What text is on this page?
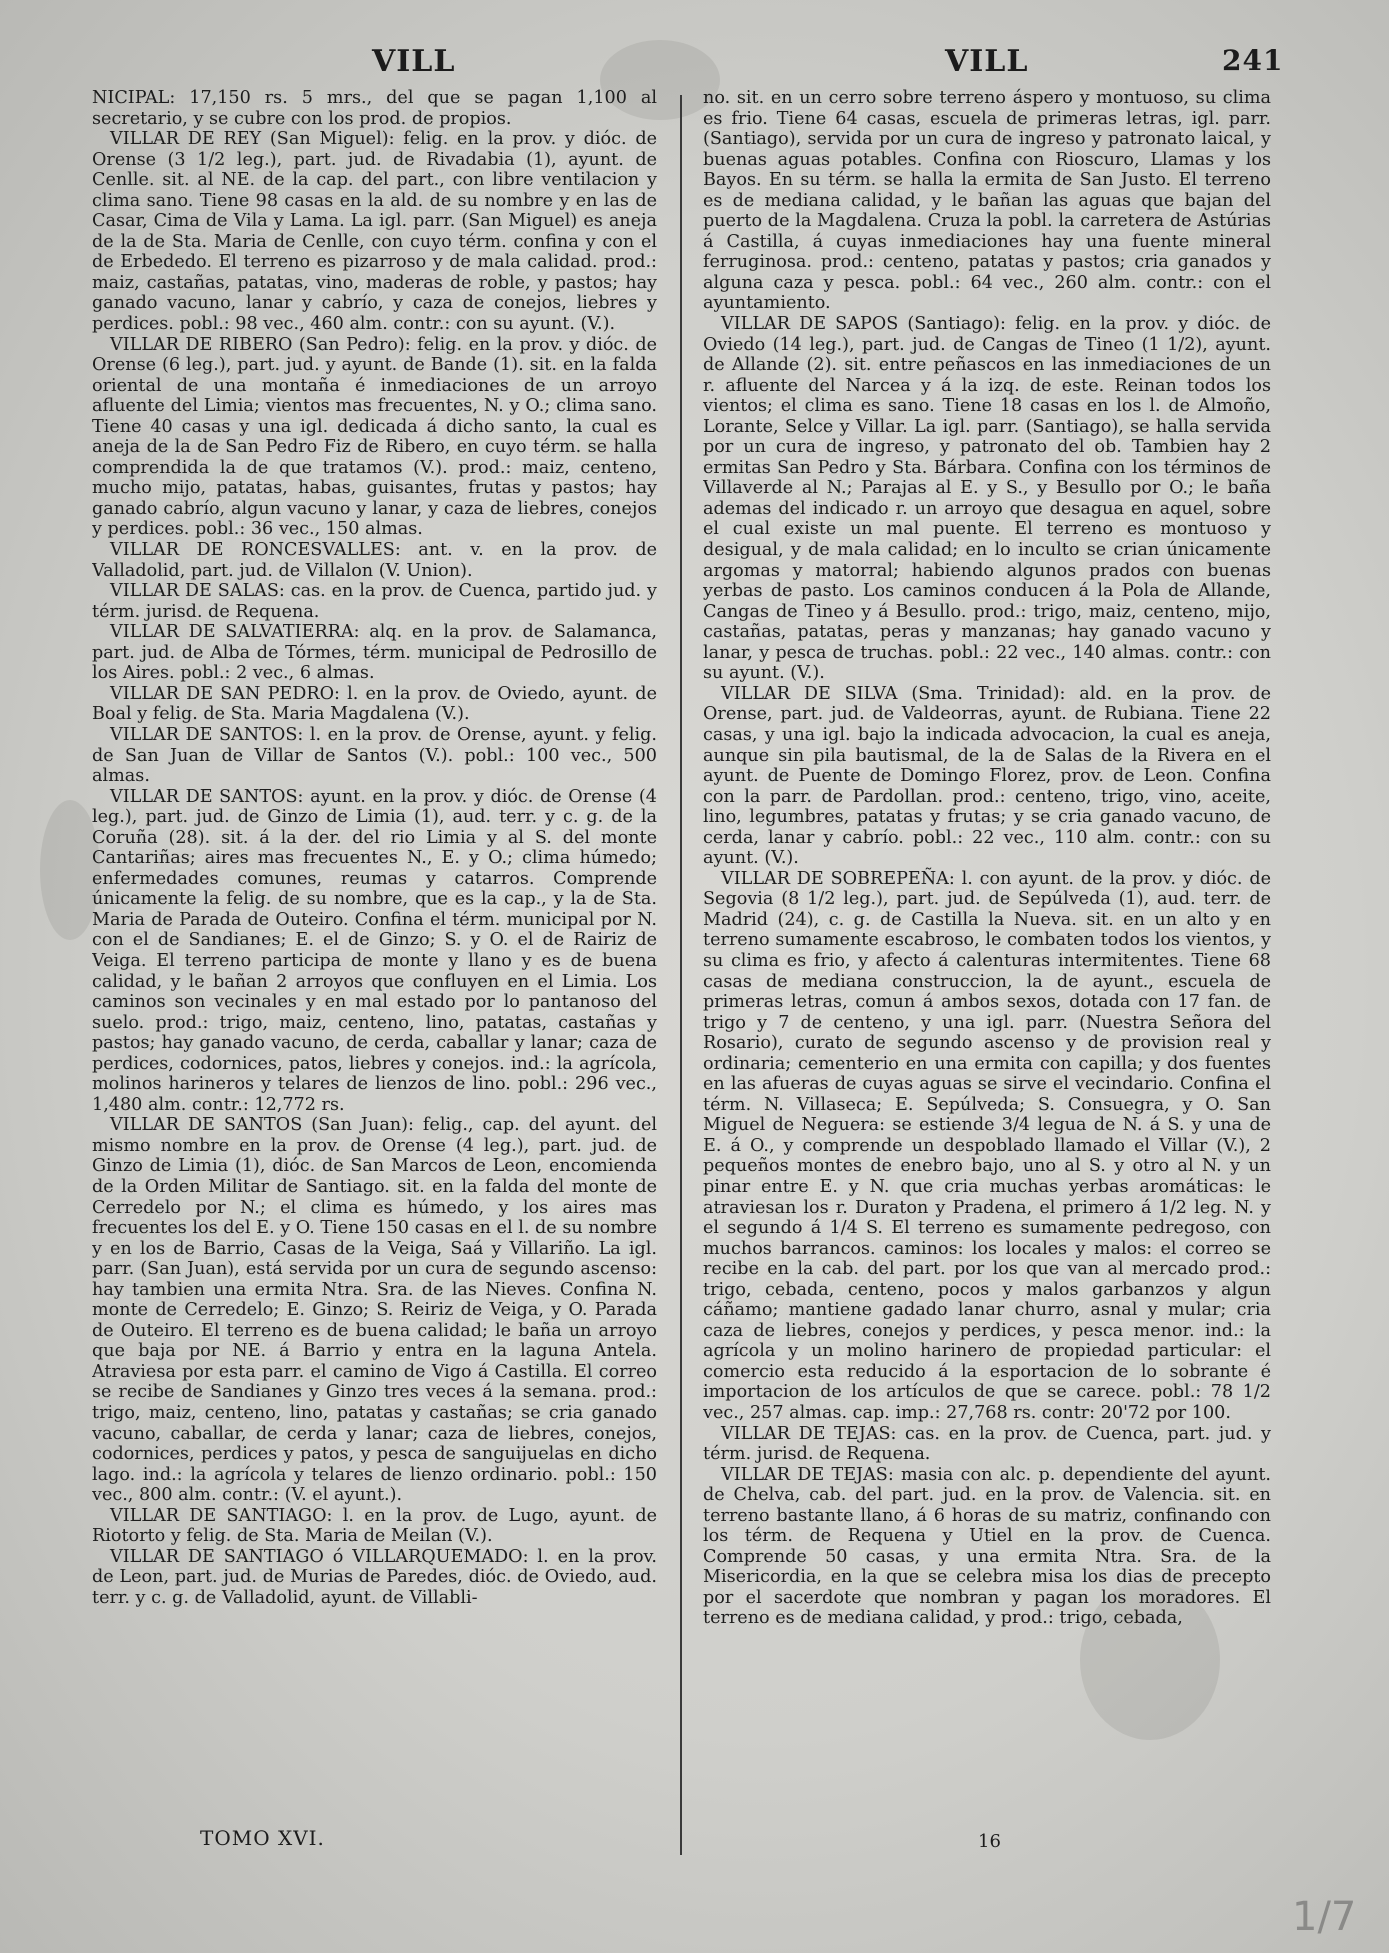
VILL	VILL	241

NICIPAL: 17,150 rs. 5 mrs., del que se pagan 1,100 al secretario, y se cubre con los prod. de propios.

VILLAR DE REY (San Miguel): felig. en la prov. y dióc. de Orense (3 1/2 leg.), part. jud. de Rivadabia (1), ayunt. de Cenlle. sit. al NE. de la cap. del part., con libre ventilacion y clima sano. Tiene 98 casas en la ald. de su nombre y en las de Casar, Cima de Vila y Lama. La igl. parr. (San Miguel) es aneja de la de Sta. Maria de Cenlle, con cuyo térm. confina y con el de Erbededo. El terreno es pizarroso y de mala calidad. prod.: maiz, castañas, patatas, vino, maderas de roble, y pastos; hay ganado vacuno, lanar y cabrío, y caza de conejos, liebres y perdices. pobl.: 98 vec., 460 alm. contr.: con su ayunt. (V.).

VILLAR DE RIBERO (San Pedro): felig. en la prov. y dióc. de Orense (6 leg.), part. jud. y ayunt. de Bande (1). sit. en la falda oriental de una montaña é inmediaciones de un arroyo afluente del Limia; vientos mas frecuentes, N. y O.; clima sano. Tiene 40 casas y una igl. dedicada á dicho santo, la cual es aneja de la de San Pedro Fiz de Ribero, en cuyo térm. se halla comprendida la de que tratamos (V.). prod.: maiz, centeno, mucho mijo, patatas, habas, guisantes, frutas y pastos; hay ganado cabrío, algun vacuno y lanar, y caza de liebres, conejos y perdices. pobl.: 36 vec., 150 almas.

VILLAR DE RONCESVALLES: ant. v. en la prov. de Valladolid, part. jud. de Villalon (V. Union).

VILLAR DE SALAS: cas. en la prov. de Cuenca, partido jud. y térm. jurisd. de Requena.

VILLAR DE SALVATIERRA: alq. en la prov. de Salamanca, part. jud. de Alba de Tórmes, térm. municipal de Pedrosillo de los Aires. pobl.: 2 vec., 6 almas.

VILLAR DE SAN PEDRO: l. en la prov. de Oviedo, ayunt. de Boal y felig. de Sta. Maria Magdalena (V.).

VILLAR DE SANTOS: l. en la prov. de Orense, ayunt. y felig. de San Juan de Villar de Santos (V.). pobl.: 100 vec., 500 almas.

VILLAR DE SANTOS: ayunt. en la prov. y dióc. de Orense (4 leg.), part. jud. de Ginzo de Limia (1), aud. terr. y c. g. de la Coruña (28). sit. á la der. del rio Limia y al S. del monte Cantariñas; aires mas frecuentes N., E. y O.; clima húmedo; enfermedades comunes, reumas y catarros. Comprende únicamente la felig. de su nombre, que es la cap., y la de Sta. Maria de Parada de Outeiro. Confina el térm. municipal por N. con el de Sandianes; E. el de Ginzo; S. y O. el de Rairiz de Veiga. El terreno participa de monte y llano y es de buena calidad, y le bañan 2 arroyos que confluyen en el Limia. Los caminos son vecinales y en mal estado por lo pantanoso del suelo. prod.: trigo, maiz, centeno, lino, patatas, castañas y pastos; hay ganado vacuno, de cerda, caballar y lanar; caza de perdices, codornices, patos, liebres y conejos. ind.: la agrícola, molinos harineros y telares de lienzos de lino. pobl.: 296 vec., 1,480 alm. contr.: 12,772 rs.

VILLAR DE SANTOS (San Juan): felig., cap. del ayunt. del mismo nombre en la prov. de Orense (4 leg.), part. jud. de Ginzo de Limia (1), dióc. de San Marcos de Leon, encomienda de la Orden Militar de Santiago. sit. en la falda del monte de Cerredelo por N.; el clima es húmedo, y los aires mas frecuentes los del E. y O. Tiene 150 casas en el l. de su nombre y en los de Barrio, Casas de la Veiga, Saá y Villariño. La igl. parr. (San Juan), está servida por un cura de segundo ascenso: hay tambien una ermita Ntra. Sra. de las Nieves. Confina N. monte de Cerredelo; E. Ginzo; S. Reiriz de Veiga, y O. Parada de Outeiro. El terreno es de buena calidad; le baña un arroyo que baja por NE. á Barrio y entra en la laguna Antela. Atraviesa por esta parr. el camino de Vigo á Castilla. El correo se recibe de Sandianes y Ginzo tres veces á la semana. prod.: trigo, maiz, centeno, lino, patatas y castañas; se cria ganado vacuno, caballar, de cerda y lanar; caza de liebres, conejos, codornices, perdices y patos, y pesca de sanguijuelas en dicho lago. ind.: la agrícola y telares de lienzo ordinario. pobl.: 150 vec., 800 alm. contr.: (V. el ayunt.).

VILLAR DE SANTIAGO: l. en la prov. de Lugo, ayunt. de Riotorto y felig. de Sta. Maria de Meilan (V.).

VILLAR DE SANTIAGO ó VILLARQUEMADO: l. en la prov. de Leon, part. jud. de Murias de Paredes, dióc. de Oviedo, aud. terr. y c. g. de Valladolid, ayunt. de Villabli-

no. sit. en un cerro sobre terreno áspero y montuoso, su clima es frio. Tiene 64 casas, escuela de primeras letras, igl. parr. (Santiago), servida por un cura de ingreso y patronato laical, y buenas aguas potables. Confina con Rioscuro, Llamas y los Bayos. En su térm. se halla la ermita de San Justo. El terreno es de mediana calidad, y le bañan las aguas que bajan del puerto de la Magdalena. Cruza la pobl. la carretera de Astúrias á Castilla, á cuyas inmediaciones hay una fuente mineral ferruginosa. prod.: centeno, patatas y pastos; cria ganados y alguna caza y pesca. pobl.: 64 vec., 260 alm. contr.: con el ayuntamiento.

VILLAR DE SAPOS (Santiago): felig. en la prov. y dióc. de Oviedo (14 leg.), part. jud. de Cangas de Tineo (1 1/2), ayunt. de Allande (2). sit. entre peñascos en las inmediaciones de un r. afluente del Narcea y á la izq. de este. Reinan todos los vientos; el clima es sano. Tiene 18 casas en los l. de Almoño, Lorante, Selce y Villar. La igl. parr. (Santiago), se halla servida por un cura de ingreso, y patronato del ob. Tambien hay 2 ermitas San Pedro y Sta. Bárbara. Confina con los términos de Villaverde al N.; Parajas al E. y S., y Besullo por O.; le baña ademas del indicado r. un arroyo que desagua en aquel, sobre el cual existe un mal puente. El terreno es montuoso y desigual, y de mala calidad; en lo inculto se crian únicamente argomas y matorral; habiendo algunos prados con buenas yerbas de pasto. Los caminos conducen á la Pola de Allande, Cangas de Tineo y á Besullo. prod.: trigo, maiz, centeno, mijo, castañas, patatas, peras y manzanas; hay ganado vacuno y lanar, y pesca de truchas. pobl.: 22 vec., 140 almas. contr.: con su ayunt. (V.).

VILLAR DE SILVA (Sma. Trinidad): ald. en la prov. de Orense, part. jud. de Valdeorras, ayunt. de Rubiana. Tiene 22 casas, y una igl. bajo la indicada advocacion, la cual es aneja, aunque sin pila bautismal, de la de Salas de la Rivera en el ayunt. de Puente de Domingo Florez, prov. de Leon. Confina con la parr. de Pardollan. prod.: centeno, trigo, vino, aceite, lino, legumbres, patatas y frutas; y se cria ganado vacuno, de cerda, lanar y cabrío. pobl.: 22 vec., 110 alm. contr.: con su ayunt. (V.).

VILLAR DE SOBREPEÑA: l. con ayunt. de la prov. y dióc. de Segovia (8 1/2 leg.), part. jud. de Sepúlveda (1), aud. terr. de Madrid (24), c. g. de Castilla la Nueva. sit. en un alto y en terreno sumamente escabroso, le combaten todos los vientos, y su clima es frio, y afecto á calenturas intermitentes. Tiene 68 casas de mediana construccion, la de ayunt., escuela de primeras letras, comun á ambos sexos, dotada con 17 fan. de trigo y 7 de centeno, y una igl. parr. (Nuestra Señora del Rosario), curato de segundo ascenso y de provision real y ordinaria; cementerio en una ermita con capilla; y dos fuentes en las afueras de cuyas aguas se sirve el vecindario. Confina el térm. N. Villaseca; E. Sepúlveda; S. Consuegra, y O. San Miguel de Neguera: se estiende 3/4 legua de N. á S. y una de E. á O., y comprende un despoblado llamado el Villar (V.), 2 pequeños montes de enebro bajo, uno al S. y otro al N. y un pinar entre E. y N. que cria muchas yerbas aromáticas: le atraviesan los r. Duraton y Pradena, el primero á 1/2 leg. N. y el segundo á 1/4 S. El terreno es sumamente pedregoso, con muchos barrancos. caminos: los locales y malos: el correo se recibe en la cab. del part. por los que van al mercado prod.: trigo, cebada, centeno, pocos y malos garbanzos y algun cáñamo; mantiene gadado lanar churro, asnal y mular; cria caza de liebres, conejos y perdices, y pesca menor. ind.: la agrícola y un molino harinero de propiedad particular: el comercio esta reducido á la esportacion de lo sobrante é importacion de los artículos de que se carece. pobl.: 78 1/2 vec., 257 almas. cap. imp.: 27,768 rs. contr: 20'72 por 100.

VILLAR DE TEJAS: cas. en la prov. de Cuenca, part. jud. y térm. jurisd. de Requena.

VILLAR DE TEJAS: masia con alc. p. dependiente del ayunt. de Chelva, cab. del part. jud. en la prov. de Valencia. sit. en terreno bastante llano, á 6 horas de su matriz, confinando con los térm. de Requena y Utiel en la prov. de Cuenca. Comprende 50 casas, y una ermita Ntra. Sra. de la Misericordia, en la que se celebra misa los dias de precepto por el sacerdote que nombran y pagan los moradores. El terreno es de mediana calidad, y prod.: trigo, cebada,

TOMO XVI.	16
1/7
